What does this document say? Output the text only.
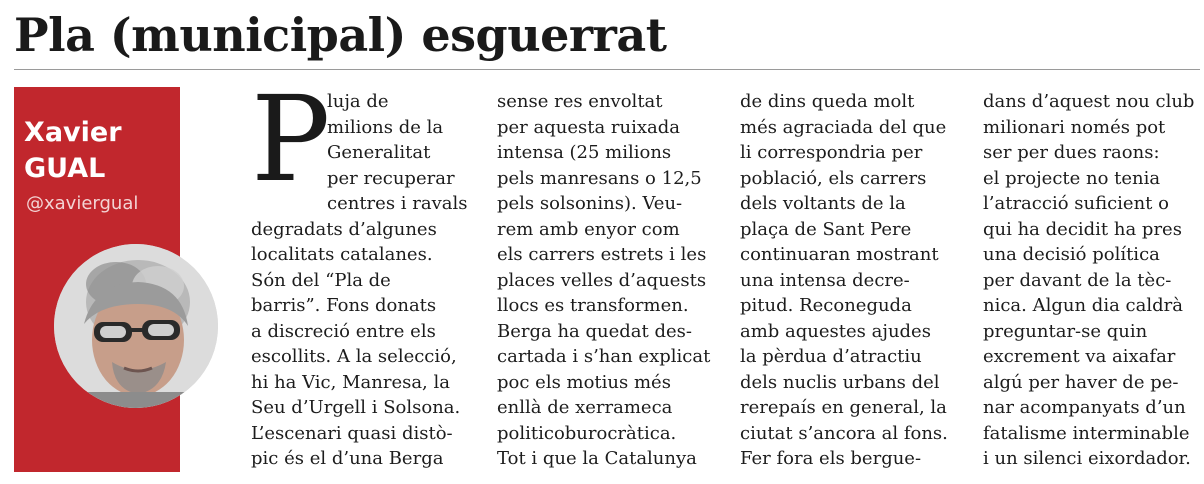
Pla (municipal) esguerrat

Xavier

GUAL

@xaviergual P

luja de
milions de la
Generalitat
per recuperar
centres i ravals
degradats d’algunes
localitats catalanes.
Són del “Pla de
barris”. Fons donats
a discreció entre els
escollits. A la selecció,
hi ha Vic, Manresa, la
Seu d’Urgell i Solsona.
L’escenari quasi distò-
pic és el d’una Berga
sense res envoltat
per aquesta ruixada
intensa (25 milions
pels manresans o 12,5
pels solsonins). Veu-
rem amb enyor com
els carrers estrets i les
places velles d’aquests
llocs es transformen.
Berga ha quedat des-
cartada i s’han explicat
poc els motius més
enllà de xerrameca
politicoburocràtica.
Tot i que la Catalunya
de dins queda molt
més agraciada del que
li correspondria per
població, els carrers
dels voltants de la
plaça de Sant Pere
continuaran mostrant
una intensa decre-
pitud. Reconeguda
amb aquestes ajudes
la pèrdua d’atractiu
dels nuclis urbans del
rerepaís en general, la
ciutat s’ancora al fons.
Fer fora els bergue-
dans d’aquest nou club
milionari només pot
ser per dues raons:
el projecte no tenia
l’atracció suficient o
qui ha decidit ha pres
una decisió política
per davant de la tèc-
nica. Algun dia caldrà
preguntar-se quin
excrement va aixafar
algú per haver de pe-
nar acompanyats d’un
fatalisme interminable
i un silenci eixordador.
